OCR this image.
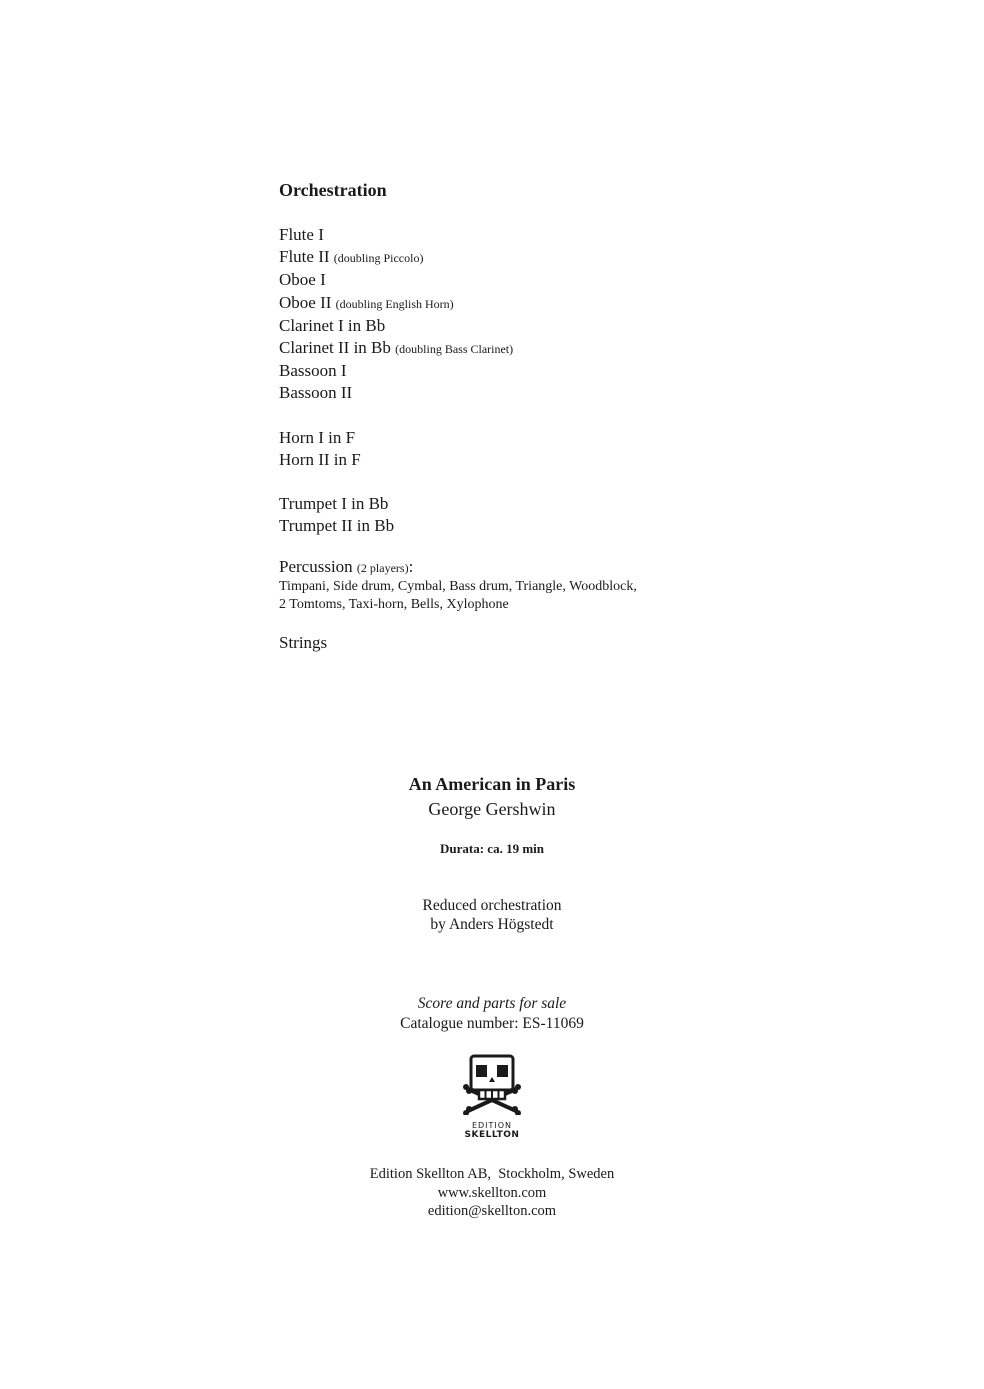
Orchestration
Flute I
Flute II (doubling Piccolo)
Oboe I
Oboe II (doubling English Horn)
Clarinet I in Bb
Clarinet II in Bb (doubling Bass Clarinet)
Bassoon I
Bassoon II
Horn I in F
Horn II in F
Trumpet I in Bb
Trumpet II in Bb
Percussion (2 players):
Timpani, Side drum, Cymbal, Bass drum, Triangle, Woodblock,
2 Tomtoms, Taxi-horn, Bells, Xylophone
Strings
An American in Paris
George Gershwin
Durata: ca. 19 min
Reduced orchestration
by Anders Högstedt
Score and parts for sale
Catalogue number: ES-11069
EDITION
SKELLTON
Edition Skellton AB,  Stockholm, Sweden
www.skellton.com
edition@skellton.com
